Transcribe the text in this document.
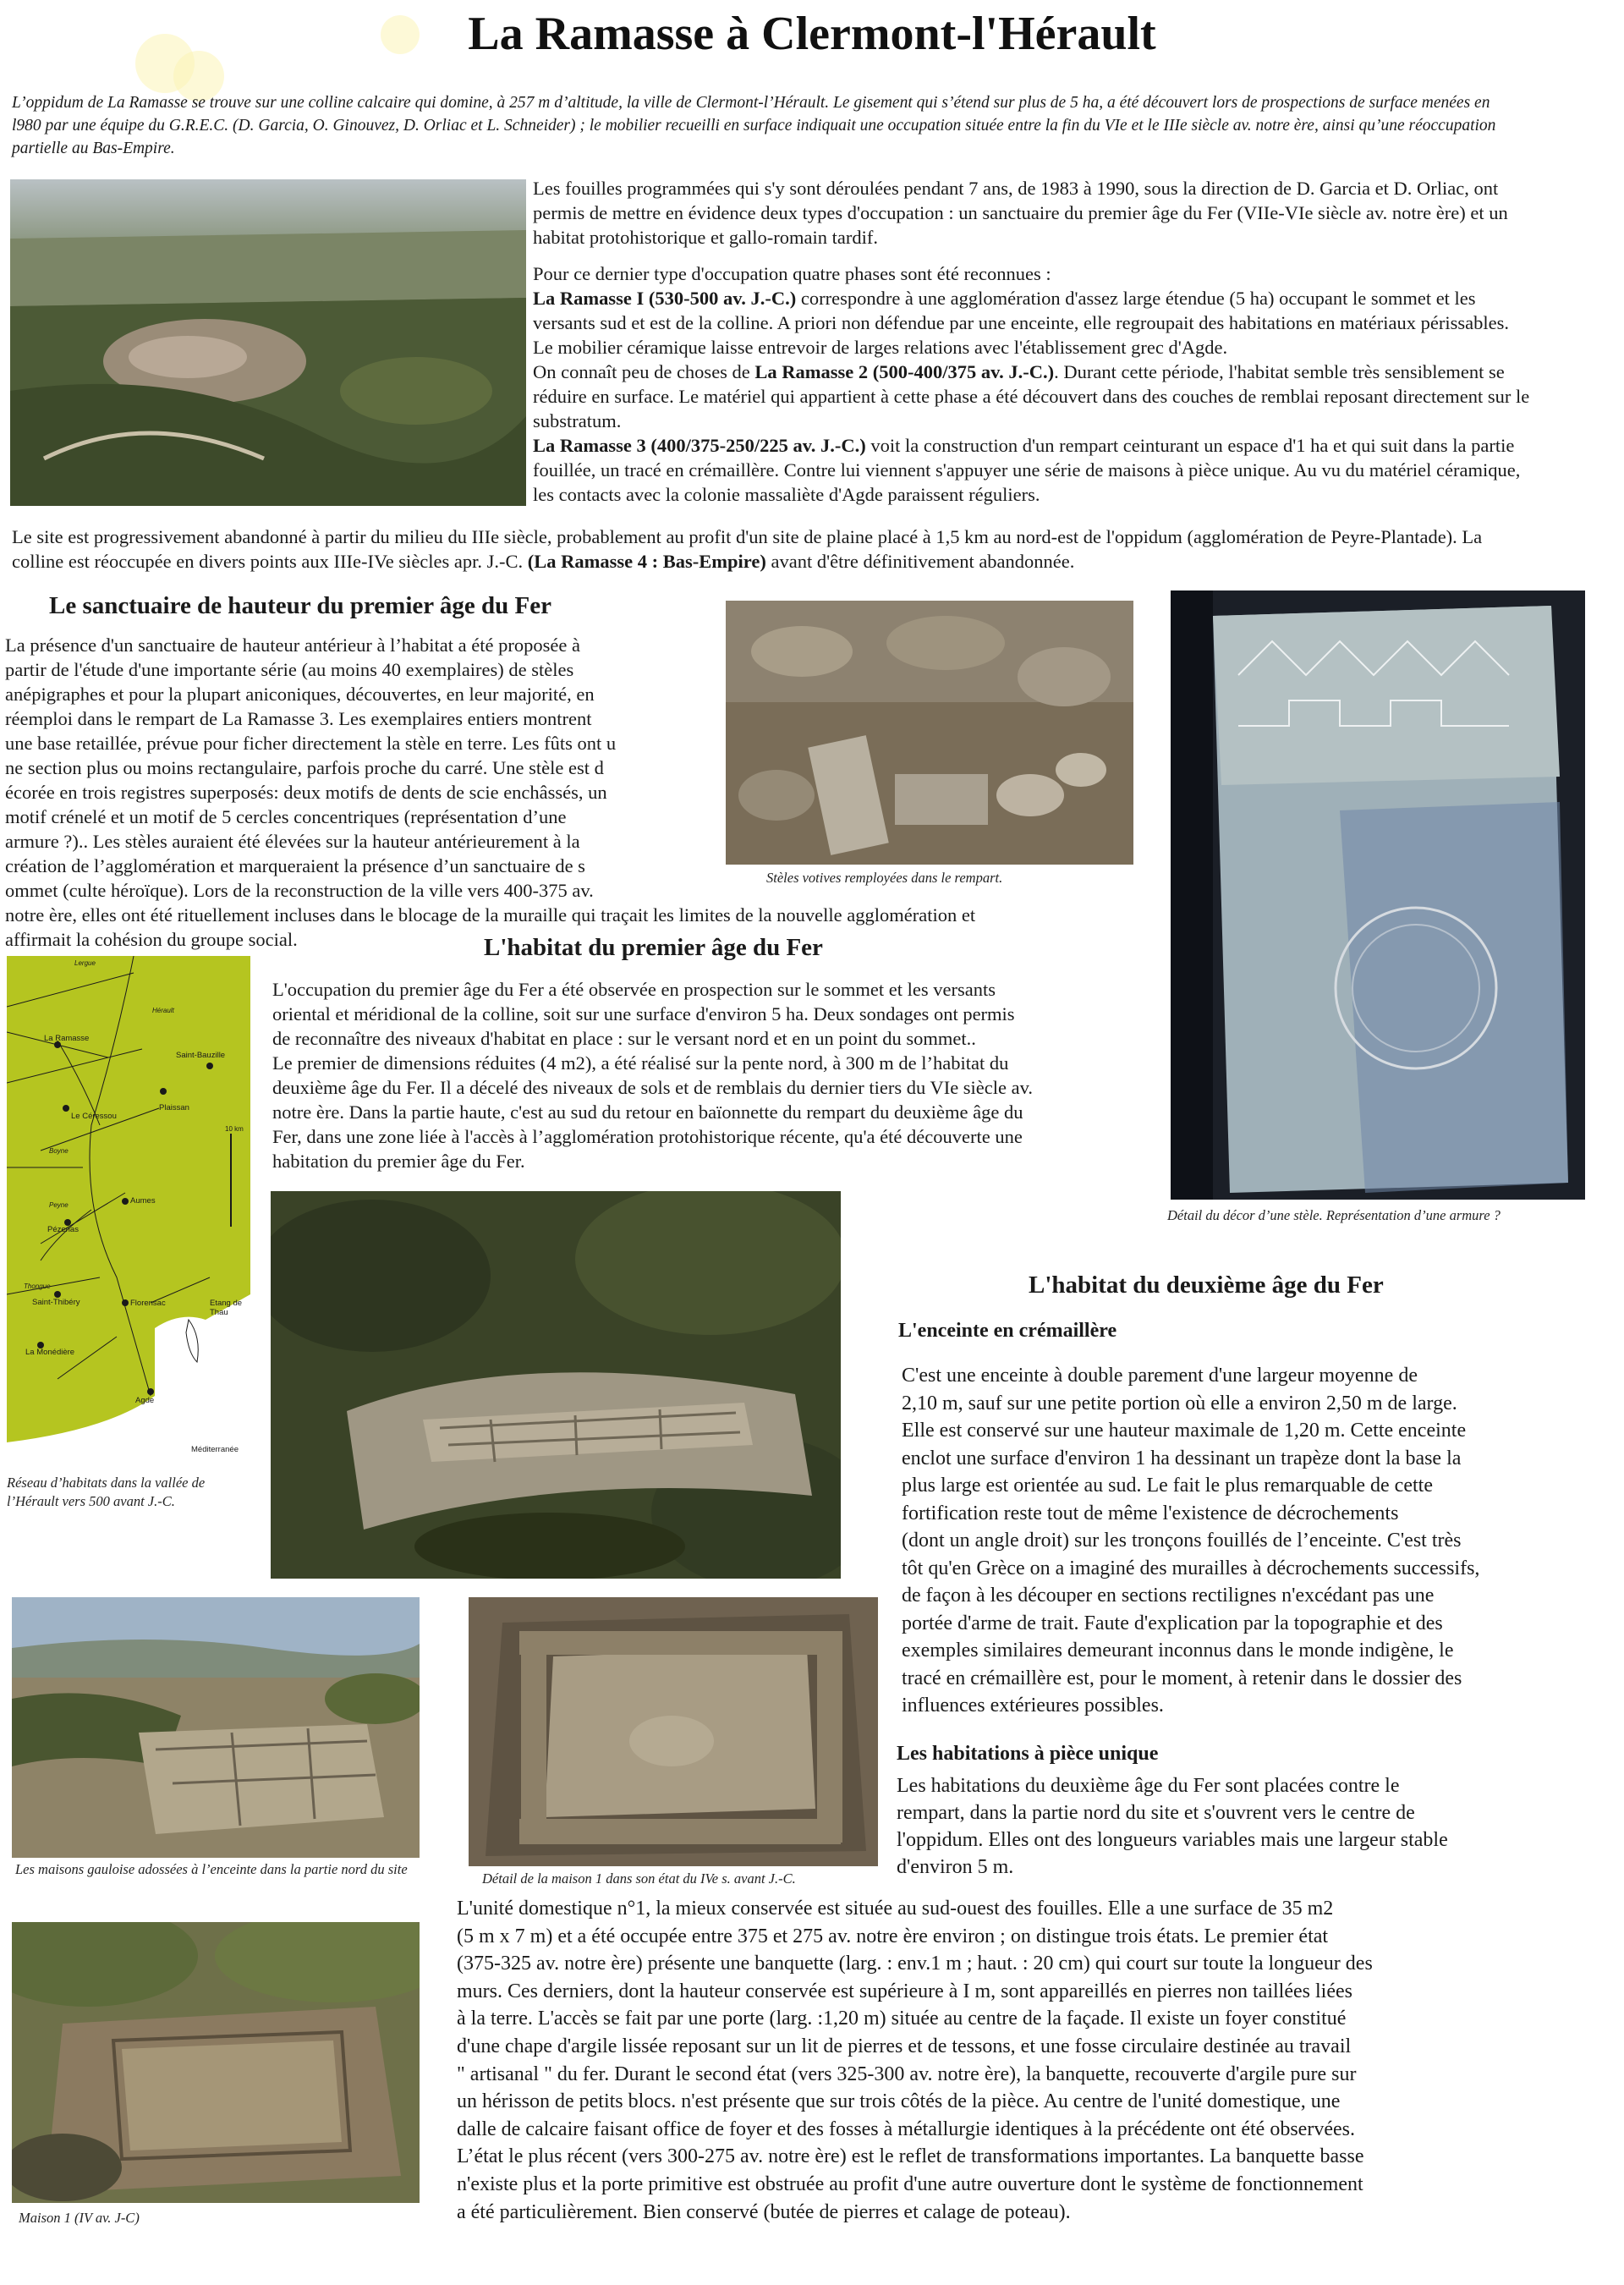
La Ramasse à Clermont-l'Hérault

L’oppidum de La Ramasse se trouve sur une colline calcaire qui domine, à 257 m d’altitude, la ville de Clermont-l’Hérault. Le gisement qui s’étend sur plus de 5 ha, a été découvert lors de prospections de surface menées en l980 par une équipe du G.R.E.C. (D. Garcia, O. Ginouvez, D. Orliac et L. Schneider) ; le mobilier recueilli en surface indiquait une occupation située entre la fin du VIe et le IIIe siècle av. notre ère, ainsi qu’une réoccupation partielle au Bas-Empire.

Les fouilles programmées qui s'y sont déroulées pendant 7 ans, de 1983 à 1990, sous la direction de D. Garcia et D. Orliac, ont permis de mettre en évidence deux types d'occupation : un sanctuaire du premier âge du Fer (VIIe-VIe siècle av. notre ère) et un habitat protohistorique et gallo-romain tardif.

Pour ce dernier type d'occupation quatre phases sont été reconnues :

La Ramasse I (530-500 av. J.-C.) correspondre à une agglomération d'assez large étendue (5 ha) occupant le sommet et les versants sud et est de la colline. A priori non défendue par une enceinte, elle regroupait des habitations en matériaux périssables. Le mobilier céramique laisse entrevoir de larges relations avec l'établissement grec d'Agde.

On connaît peu de choses de La Ramasse 2 (500-400/375 av. J.-C.). Durant cette période, l'habitat semble très sensiblement se réduire en surface. Le matériel qui appartient à cette phase a été découvert dans des couches de remblai reposant directement sur le substratum.

La Ramasse 3 (400/375-250/225 av. J.-C.) voit la construction d'un rempart ceinturant un espace d'1 ha et qui suit dans la partie fouillée, un tracé en crémaillère. Contre lui viennent s'appuyer une série de maisons à pièce unique. Au vu du matériel céramique, les contacts avec la colonie massaliète d'Agde paraissent réguliers.

Le site est progressivement abandonné à partir du milieu du IIIe siècle, probablement au profit d'un site de plaine placé à 1,5 km au nord-est de l'oppidum (agglomération de Peyre-Plantade). La colline est réoccupée en divers points aux IIIe-IVe siècles apr. J.-C. (La Ramasse 4 : Bas-Empire) avant d'être définitivement abandonnée.

Le sanctuaire de hauteur du premier âge du Fer
La présence d'un sanctuaire de hauteur antérieur à l’habitat a été proposée à
partir de l'étude d'une importante série (au moins 40 exemplaires) de stèles
anépigraphes et pour la plupart aniconiques, découvertes, en leur majorité, en
réemploi dans le rempart de La Ramasse 3. Les exemplaires entiers montrent
une base retaillée, prévue pour ficher directement la stèle en terre. Les fûts ont u
ne section plus ou moins rectangulaire, parfois proche du carré. Une stèle est d
écorée en trois registres superposés: deux motifs de dents de scie enchâssés, un
motif crénelé et un motif de 5 cercles concentriques (représentation d’une
armure ?).. Les stèles auraient été élevées sur la hauteur antérieurement à la
création de l’agglomération et marqueraient la présence d’un sanctuaire de s
ommet (culte héroïque). Lors de la reconstruction de la ville vers 400-375 av.
notre ère, elles ont été rituellement incluses dans le blocage de la muraille qui traçait les limites de la nouvelle agglomération et
affirmait la cohésion du groupe social.
Stèles votives remployées dans le rempart.
Détail du décor d’une stèle. Représentation d’une armure ?
La Ramasse
Saint-Bauzille
Plaissan
Le Céressou
Aumes
Pézenas
Saint-Thibéry	Florensac
La Monédière
Agde
Etang de Thau
Méditerranée
Lergue
Hérault
Boyne
Peyne
Thongue
10 km
Réseau d’habitats dans la vallée de l’Hérault vers 500 avant J.-C.
L'habitat du premier âge du Fer
L'occupation du premier âge du Fer a été observée en prospection sur le sommet et les versants
oriental et méridional de la colline, soit sur une surface d'environ 5 ha. Deux sondages ont permis
de reconnaître des niveaux d'habitat en place : sur le versant nord et en un point du sommet..
Le premier de dimensions réduites (4 m2), a été réalisé sur la pente nord, à 300 m de l’habitat du
deuxième âge du Fer. Il a décelé des niveaux de sols et de remblais du dernier tiers du VIe siècle av.
notre ère. Dans la partie haute, c'est au sud du retour en baïonnette du rempart du deuxième âge du
Fer, dans une zone liée à l'accès à l’agglomération protohistorique récente, qu'a été découverte une
habitation du premier âge du Fer.
L'habitat du deuxième âge du Fer
L'enceinte en crémaillère
C'est une enceinte à double parement d'une largeur moyenne de
2,10 m, sauf sur une petite portion où elle a environ 2,50 m de large.
Elle est conservé sur une hauteur maximale de 1,20 m. Cette enceinte
enclot une surface d'environ 1 ha dessinant un trapèze dont la base la
plus large est orientée au sud. Le fait le plus remarquable de cette
fortification reste tout de même l'existence de décrochements
(dont un angle droit) sur les tronçons fouillés de l’enceinte. C'est très
tôt qu'en Grèce on a imaginé des murailles à décrochements successifs,
de façon à les découper en sections rectilignes n'excédant pas une
portée d'arme de trait. Faute d'explication par la topographie et des
exemples similaires demeurant inconnus dans le monde indigène, le
tracé en crémaillère est, pour le moment, à retenir dans le dossier des
influences extérieures possibles.
Les habitations à pièce unique
Les habitations du deuxième âge du Fer sont placées contre le
rempart, dans la partie nord du site et s'ouvrent vers le centre de
l'oppidum. Elles ont des longueurs variables mais une largeur stable
d'environ 5 m.
Les maisons gauloise adossées à l’enceinte dans la partie nord du site
Détail de la maison 1 dans son état du IVe s. avant J.-C.
Maison 1 (IV av. J-C)
L'unité domestique n°1, la mieux conservée est située au sud-ouest des fouilles. Elle a une surface de 35 m2
(5 m x 7 m) et a été occupée entre 375 et 275 av. notre ère environ ; on distingue trois états. Le premier état
(375-325 av. notre ère) présente une banquette (larg. : env.1 m ; haut. : 20 cm) qui court sur toute la longueur des
murs. Ces derniers, dont la hauteur conservée est supérieure à I m, sont appareillés en pierres non taillées liées
à la terre. L'accès se fait par une porte (larg. :1,20 m) située au centre de la façade. Il existe un foyer constitué
d'une chape d'argile lissée reposant sur un lit de pierres et de tessons, et une fosse circulaire destinée au travail
" artisanal " du fer. Durant le second état (vers 325-300 av. notre ère), la banquette, recouverte d'argile pure sur
un hérisson de petits blocs. n'est présente que sur trois côtés de la pièce. Au centre de l'unité domestique, une
dalle de calcaire faisant office de foyer et des fosses à métallurgie identiques à la précédente ont été observées.
L’état le plus récent (vers 300-275 av. notre ère) est le reflet de transformations importantes. La banquette basse
n'existe plus et la porte primitive est obstruée au profit d'une autre ouverture dont le système de fonctionnement
a été particulièrement. Bien conservé (butée de pierres et calage de poteau).
